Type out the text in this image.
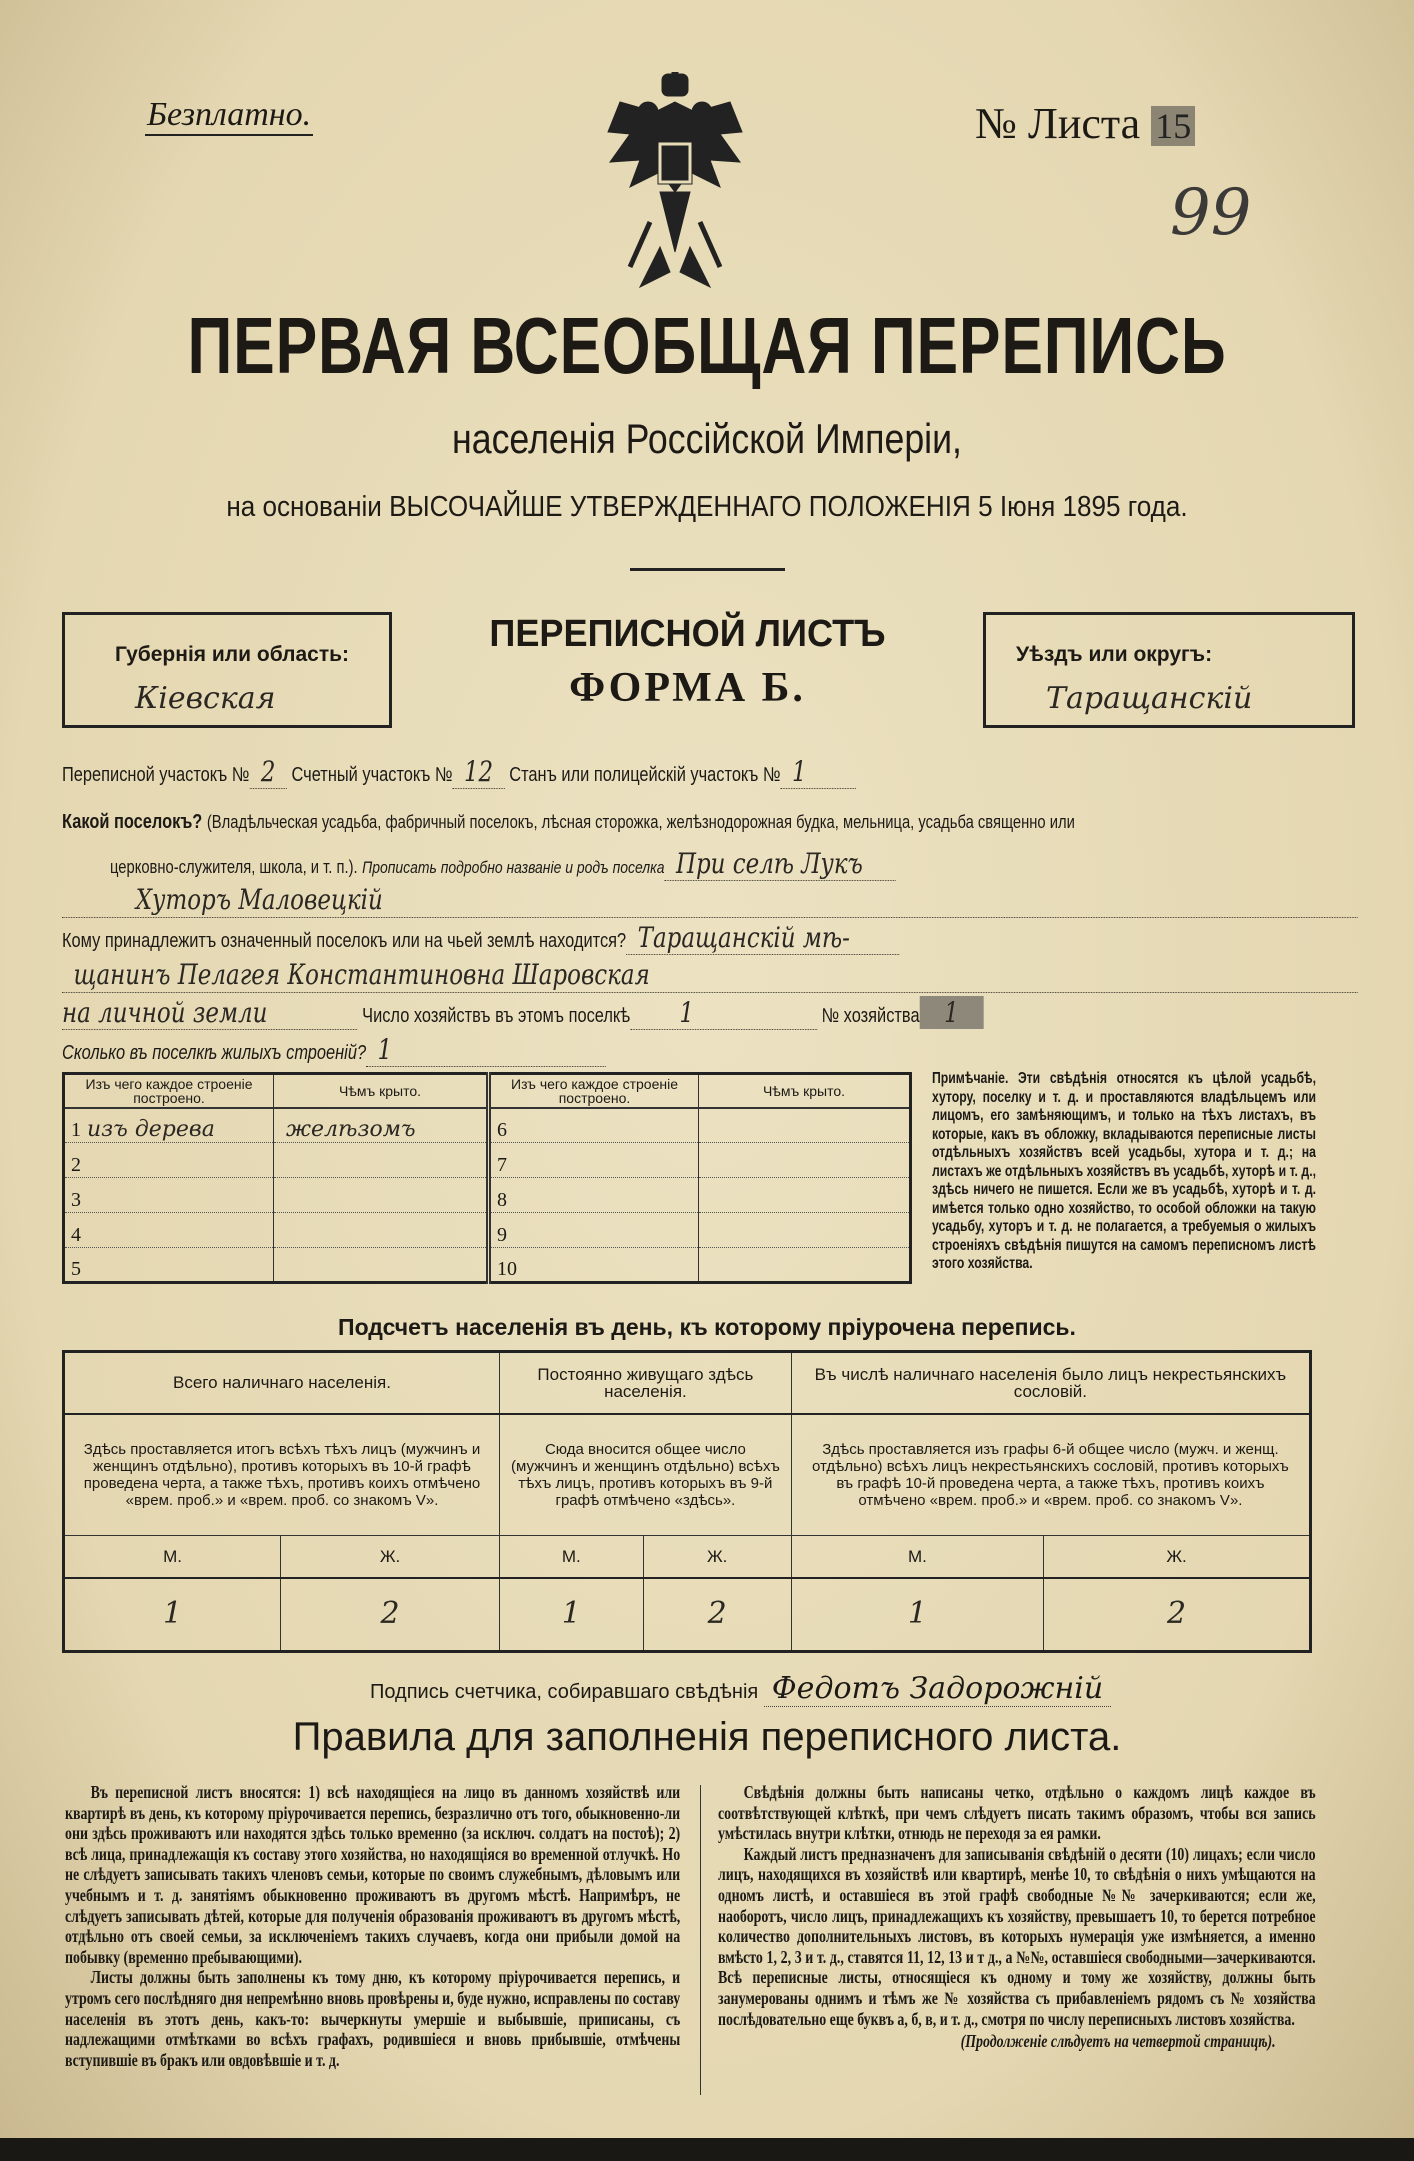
Безплатно.	№ Листа 15
99
ПЕРВАЯ ВСЕОБЩАЯ ПЕРЕПИСЬ
населенія Россійской Имперіи,
на основаніи ВЫСОЧАЙШЕ УТВЕРЖДЕННАГО ПОЛОЖЕНІЯ 5 Іюня 1895 года.
Губернія или область:
Кіевская
ПЕРЕПИСНОЙ ЛИСТЪ
ФОРМА Б.
Уѣздъ или округъ:
Таращанскій
Переписной участокъ № 2 Счетный участокъ № 12 Станъ или полицейскій участокъ № 1
Какой поселокъ? (Владѣльческая усадьба, фабричный поселокъ, лѣсная сторожка, желѣзнодорожная будка, мельница, усадьба священно или
церковно-служителя, школа, и т. п.). Прописать подробно названіе и родъ поселка При селѣ Лукъ
Хуторъ Маловецкій
Кому принадлежитъ означенный поселокъ или на чьей землѣ находится? Таращанскій мѣ-
щанинъ Пелагея Константиновна Шаровская
на личной земли	Число хозяйствъ въ этомъ поселкѣ 1	№ хозяйства 1
Сколько въ поселкѣ жилыхъ строеній? 1
Изъ чего каждое строеніе построено.	Чѣмъ крыто.	Изъ чего каждое строеніе построено.	Чѣмъ крыто.
1 изъ дерева	желѣзомъ	6	
2		7	
3		8	
4		9	
5		10	
Примѣчаніе. Эти свѣдѣнія относятся къ цѣлой усадьбѣ, хутору, поселку и т. д. и проставляются владѣльцемъ или лицомъ, его замѣняющимъ, и только на тѣхъ листахъ, въ которые, какъ въ обложку, вкладываются переписные листы отдѣльныхъ хозяйствъ всей усадьбы, хутора и т. д.; на листахъ же отдѣльныхъ хозяйствъ въ усадьбѣ, хуторѣ и т. д., здѣсь ничего не пишется. Если же въ усадьбѣ, хуторѣ и т. д. имѣется только одно хозяйство, то особой обложки на такую усадьбу, хуторъ и т. д. не полагается, а требуемыя о жилыхъ строеніяхъ свѣдѣнія пишутся на самомъ переписномъ листѣ этого хозяйства.
Подсчетъ населенія въ день, къ которому пріурочена перепись.
Всего наличнаго населенія.		Постоянно живущаго здѣсь населенія.		Въ числѣ наличнаго населенія было лицъ некрестьянскихъ сословій.	
Здѣсь проставляется итогъ всѣхъ тѣхъ лицъ (мужчинъ и женщинъ отдѣльно), противъ которыхъ въ 10-й графѣ проведена черта, а также тѣхъ, противъ коихъ отмѣчено «врем. проб.» и «врем. проб. со знакомъ V».		Сюда вносится общее число (мужчинъ и женщинъ отдѣльно) всѣхъ тѣхъ лицъ, противъ которыхъ въ 9-й графѣ отмѣчено «здѣсь».		Здѣсь проставляется изъ графы 6-й общее число (мужч. и женщ. отдѣльно) всѣхъ лицъ некрестьянскихъ сословій, противъ которыхъ въ графѣ 10-й проведена черта, а также тѣхъ, противъ коихъ отмѣчено «врем. проб.» и «врем. проб. со знакомъ V».	
М.	Ж.	М.	Ж.	М.	Ж.
1	2	1	2	1	2
Подпись счетчика, собиравшаго свѣдѣнія Федотъ Задорожній
Правила для заполненія переписного листа.

Въ переписной листъ вносятся: 1) всѣ находящіеся на лицо въ данномъ хозяйствѣ или квартирѣ въ день, къ которому пріурочивается перепись, безразлично отъ того, обыкновенно-ли они здѣсь проживаютъ или находятся здѣсь только временно (за исключ. солдатъ на постоѣ); 2) всѣ лица, принадлежащія къ составу этого хозяйства, но находящіяся во временной отлучкѣ. Но не слѣдуетъ записывать такихъ членовъ семьи, которые по своимъ служебнымъ, дѣловымъ или учебнымъ и т. д. занятіямъ обыкновенно проживаютъ въ другомъ мѣстѣ. Напримѣръ, не слѣдуетъ записывать дѣтей, которые для полученія образованія проживаютъ въ другомъ мѣстѣ, отдѣльно отъ своей семьи, за исключеніемъ такихъ случаевъ, когда они прибыли домой на побывку (временно пребывающими).

Листы должны быть заполнены къ тому дню, къ которому пріурочивается перепись, и утромъ сего послѣдняго дня непремѣнно вновь провѣрены и, буде нужно, исправлены по составу населенія въ этотъ день, какъ-то: вычеркнуты умершіе и выбывшіе, приписаны, съ надлежащими отмѣтками во всѣхъ графахъ, родившіеся и вновь прибывшіе, отмѣчены вступившіе въ бракъ или овдовѣвшіе и т. д.

Свѣдѣнія должны быть написаны четко, отдѣльно о каждомъ лицѣ каждое въ соотвѣтствующей клѣткѣ, при чемъ слѣдуетъ писать такимъ образомъ, чтобы вся запись умѣстилась внутри клѣтки, отнюдь не переходя за ея рамки.

Каждый листъ предназначенъ для записыванія свѣдѣній о десяти (10) лицахъ; если число лицъ, находящихся въ хозяйствѣ или квартирѣ, менѣе 10, то свѣдѣнія о нихъ умѣщаются на одномъ листѣ, и оставшіеся въ этой графѣ свободные №№ зачеркиваются; если же, наоборотъ, число лицъ, принадлежащихъ къ хозяйству, превышаетъ 10, то берется потребное количество дополнительныхъ листовъ, въ которыхъ нумерація уже измѣняется, а именно вмѣсто 1, 2, 3 и т. д., ставятся 11, 12, 13 и т д., а №№, оставшіеся свободными—зачеркиваются. Всѣ переписные листы, относящіеся къ одному и тому же хозяйству, должны быть занумерованы однимъ и тѣмъ же № хозяйства съ прибавленіемъ рядомъ съ № хозяйства послѣдовательно еще буквъ а, б, в, и т. д., смотря по числу переписныхъ листовъ хозяйства.

(Продолженіе слѣдуетъ на четвертой страницѣ).
